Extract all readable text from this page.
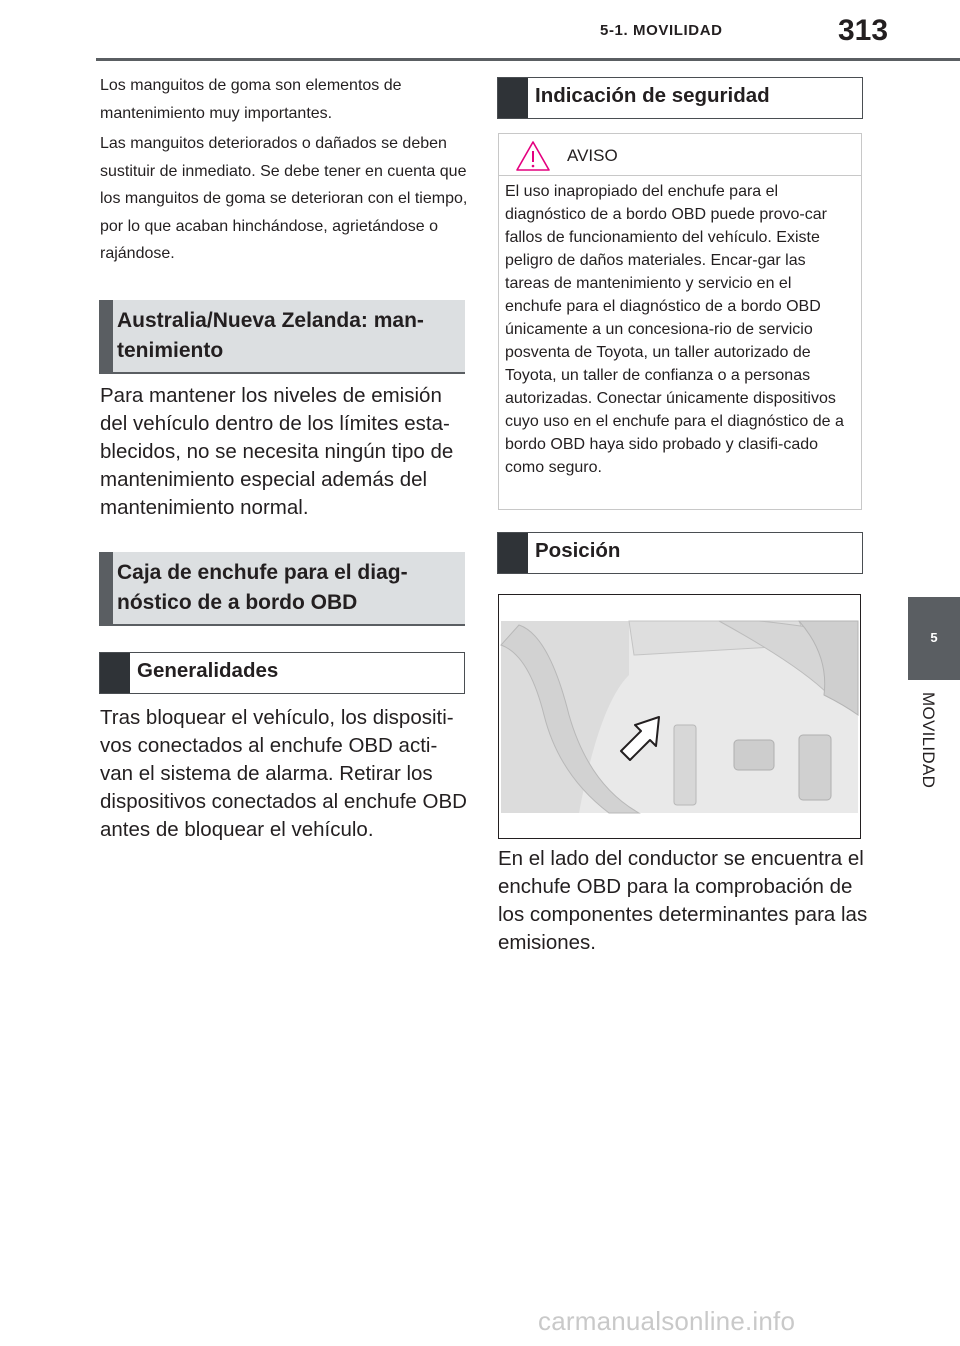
5-1. MOVILIDAD	313
5
MOVILIDAD

Los manguitos de goma son elementos de mantenimiento muy importantes.

Las manguitos deteriorados o dañados se deben sustituir de inmediato. Se debe tener en cuenta que los manguitos de goma se deterioran con el tiempo, por lo que acaban hinchándose, agrietándose o rajándose.

Australia/Nueva Zelanda: man-tenimiento

Para mantener los niveles de emisión del vehículo dentro de los límites esta-blecidos, no se necesita ningún tipo de mantenimiento especial además del mantenimiento normal.

Caja de enchufe para el diag-nóstico de a bordo OBD
Generalidades

Tras bloquear el vehículo, los dispositi-vos conectados al enchufe OBD acti-van el sistema de alarma. Retirar los dispositivos conectados al enchufe OBD antes de bloquear el vehículo.

Indicación de seguridad
AVISO
El uso inapropiado del enchufe para el diagnóstico de a bordo OBD puede provo-car fallos de funcionamiento del vehículo. Existe peligro de daños materiales. Encar-gar las tareas de mantenimiento y servicio en el enchufe para el diagnóstico de a bordo OBD únicamente a un concesiona-rio de servicio posventa de Toyota, un taller autorizado de Toyota, un taller de confianza o a personas autorizadas. Conectar únicamente dispositivos cuyo uso en el enchufe para el diagnóstico de a bordo OBD haya sido probado y clasifi-cado como seguro.
Posición

En el lado del conductor se encuentra el enchufe OBD para la comprobación de los componentes determinantes para las emisiones.

carmanualsonline.info
